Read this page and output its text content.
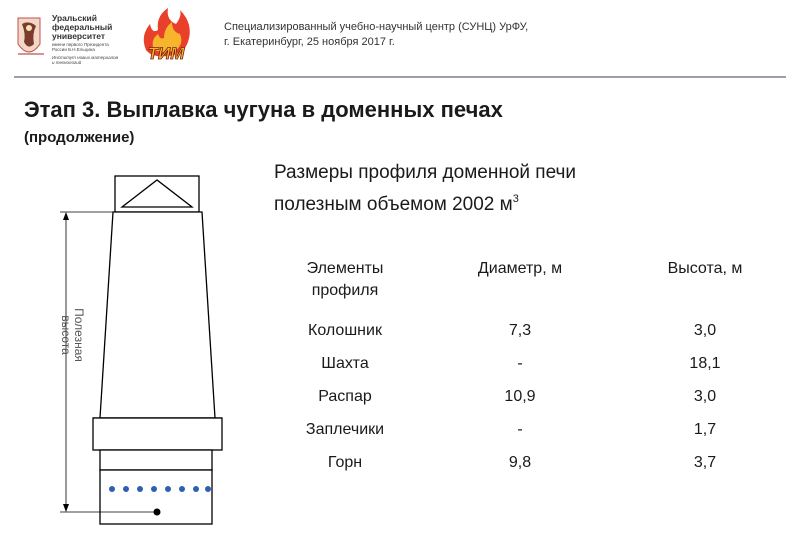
Уральский
федеральный
университет
имени первого Президента
России Б.Н.Ельцина
Институт новых материалов
и технологий	ТИМ
Специализированный учебно-научный центр (СУНЦ) УрФУ,
г. Екатеринбург, 25 ноября 2017 г.
Этап 3. Выплавка чугуна в доменных печах
(продолжение)
Полезная
высота
Размеры профиля доменной печи
полезным объемом 2002 $м^3$
Элементы
профиля	Диаметр, м	Высота, м
Колошник	7,3	3,0
Шахта	-	18,1
Распар	10,9	3,0
Заплечики	-	1,7
Горн	9,8	3,7
